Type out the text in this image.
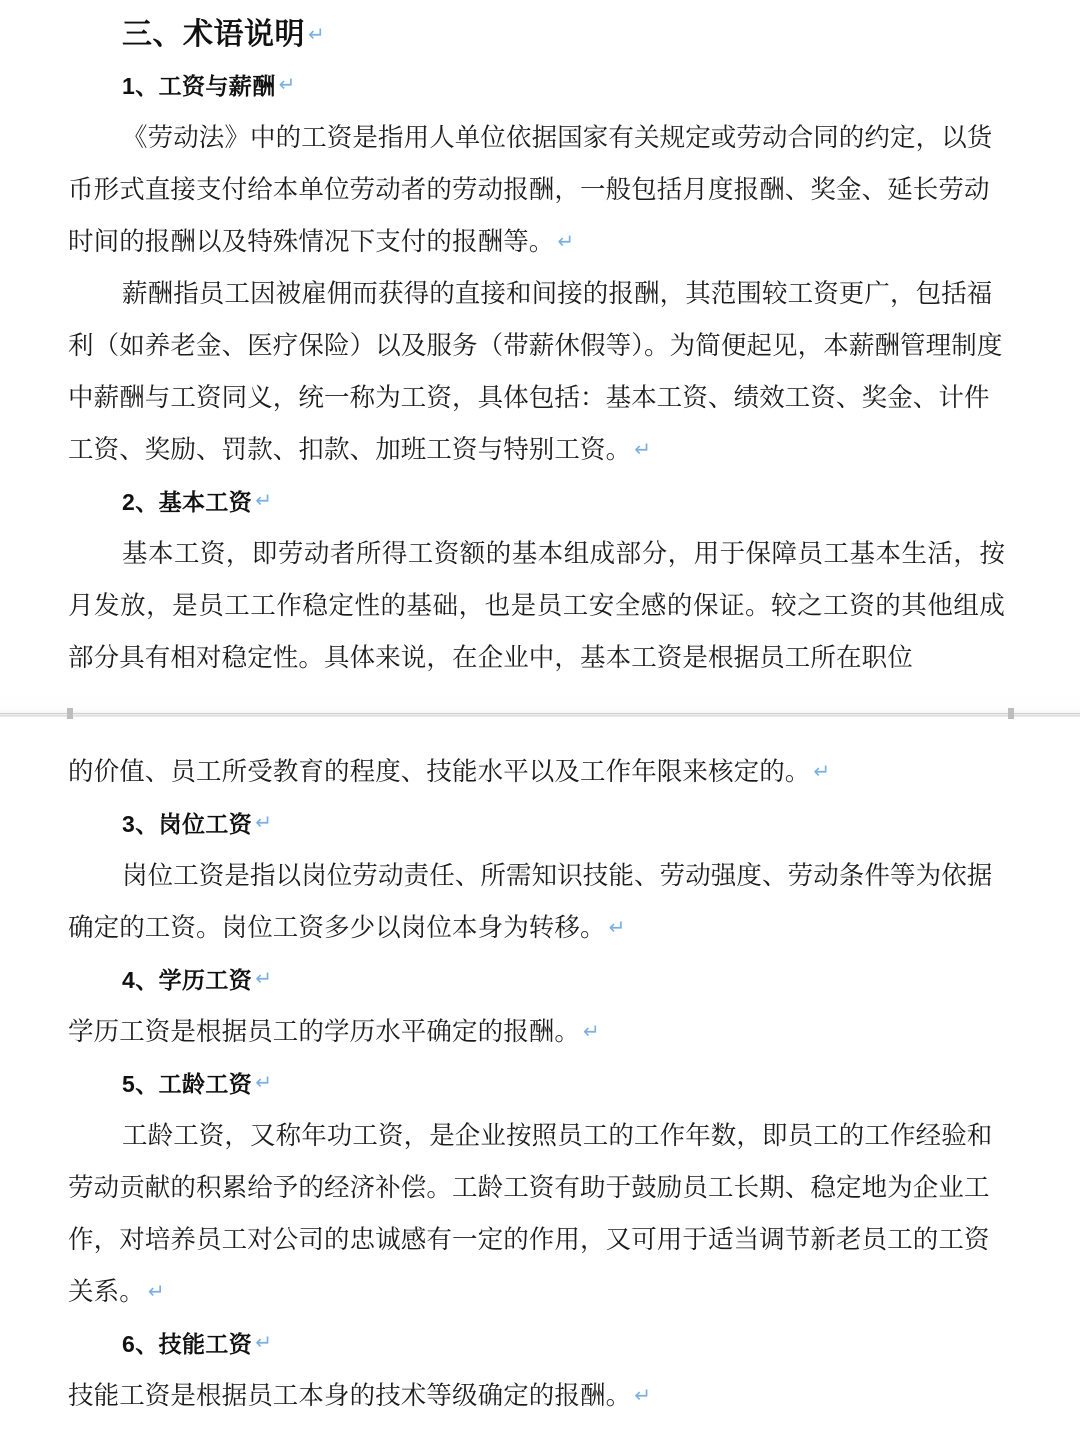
三、术语说明 ↵
1、工资与薪酬 ↵

《劳动法》中的工资是指用人单位依据国家有关规定或劳动合同的约定，以货币形式直接支付给本单位劳动者的劳动报酬，一般包括月度报酬、奖金、延长劳动时间的报酬以及特殊情况下支付的报酬等。 ↵

薪酬指员工因被雇佣而获得的直接和间接的报酬，其范围较工资更广，包括福利（如养老金、医疗保险）以及服务（带薪休假等）。为简便起见，本薪酬管理制度中薪酬与工资同义，统一称为工资，具体包括：基本工资、绩效工资、奖金、计件工资、奖励、罚款、扣款、加班工资与特别工资。 ↵

2、基本工资 ↵

基本工资，即劳动者所得工资额的基本组成部分，用于保障员工基本生活，按月发放，是员工工作稳定性的基础，也是员工安全感的保证。较之工资的其他组成部分具有相对稳定性。具体来说，在企业中，基本工资是根据员工所在职位

的价值、员工所受教育的程度、技能水平以及工作年限来核定的。 ↵

3、岗位工资 ↵

岗位工资是指以岗位劳动责任、所需知识技能、劳动强度、劳动条件等为依据确定的工资。岗位工资多少以岗位本身为转移。 ↵

4、学历工资 ↵

学历工资是根据员工的学历水平确定的报酬。 ↵

5、工龄工资 ↵

工龄工资，又称年功工资，是企业按照员工的工作年数，即员工的工作经验和劳动贡献的积累给予的经济补偿。工龄工资有助于鼓励员工长期、稳定地为企业工作，对培养员工对公司的忠诚感有一定的作用，又可用于适当调节新老员工的工资关系。 ↵

6、技能工资 ↵

技能工资是根据员工本身的技术等级确定的报酬。 ↵
